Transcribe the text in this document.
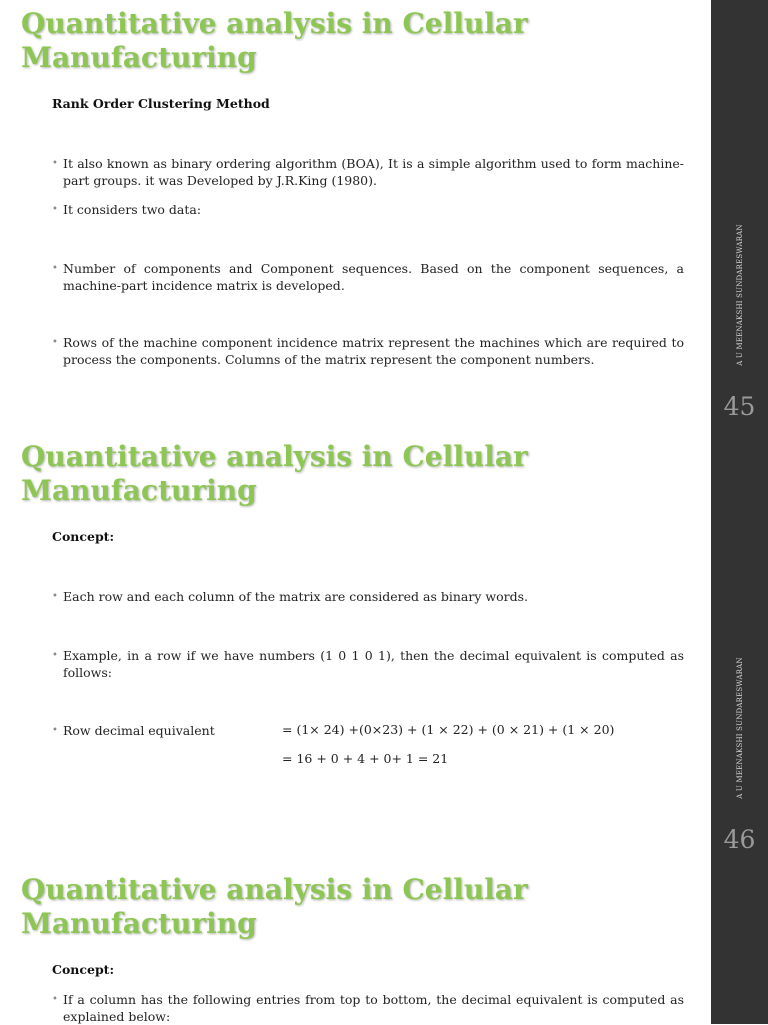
A U MEENAKSHI SUNDARESWARAN
45
A U MEENAKSHI SUNDARESWARAN
46
Quantitative analysis in Cellular Manufacturing
Rank Order Clustering Method
• It also known as binary ordering algorithm (BOA), It is a simple algorithm used to form machine-part groups. it was Developed by J.R.King (1980).
• It considers two data:
• Number of components and Component sequences. Based on the component sequences, a machine-part incidence matrix is developed.
• Rows of the machine component incidence matrix represent the machines which are required to process the components. Columns of the matrix represent the component numbers.
Quantitative analysis in Cellular Manufacturing
Concept:
• Each row and each column of the matrix are considered as binary words.
• Example, in a row if we have numbers (1 0 1 0 1), then the decimal equivalent is computed as follows:
• Row decimal equivalent	= (1× 24) +(0×23) + (1 × 22) + (0 × 21) + (1 × 20)
= 16 + 0 + 4 + 0+ 1 = 21
Quantitative analysis in Cellular Manufacturing
Concept:
• If a column has the following entries from top to bottom, the decimal equivalent is computed as explained below:
